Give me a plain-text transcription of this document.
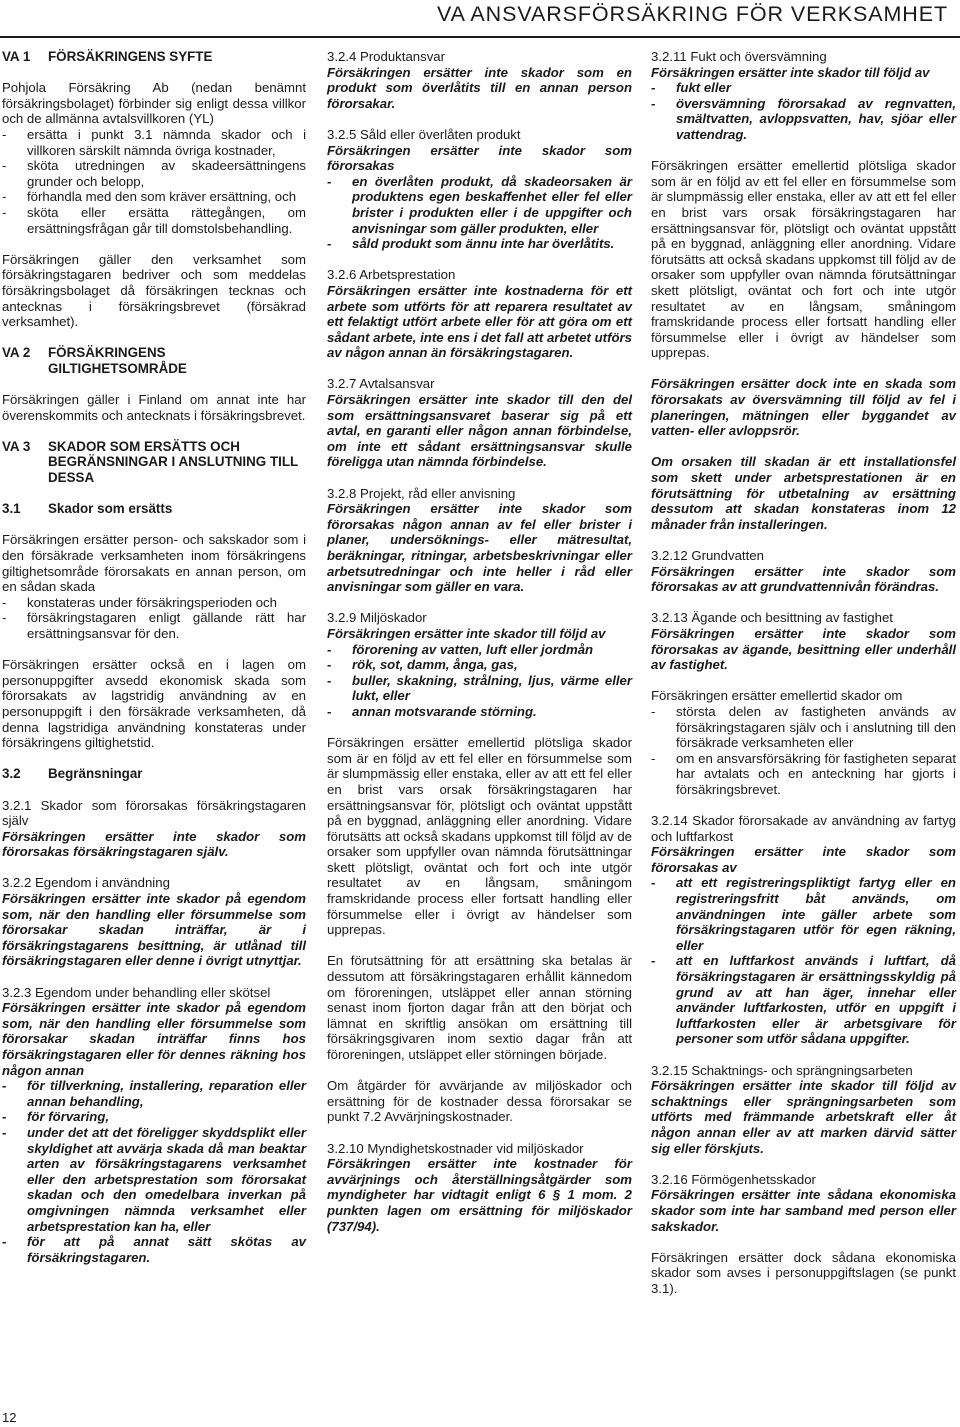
VA ANSVARSFÖRSÄKRING FÖR VERKSAMHET
VA 1	FÖRSÄKRINGENS SYFTE

Pohjola Försäkring Ab (nedan benämnt försäkringsbolaget) förbinder sig enligt dessa villkor och de allmänna avtalsvillkoren (YL)

- ersätta i punkt 3.1 nämnda skador och i villkoren särskilt nämnda övriga kostnader,
- sköta utredningen av skadeersättningens grunder och belopp,
- förhandla med den som kräver ersättning, och
- sköta eller ersätta rättegången, om ersättningsfrågan går till domstolsbehandling.

Försäkringen gäller den verksamhet som försäkringstagaren bedriver och som meddelas försäkringsbolaget då försäkringen tecknas och antecknas i försäkringsbrevet (försäkrad verksamhet).

VA 2	FÖRSÄKRINGENS GILTIGHETSOMRÅDE

Försäkringen gäller i Finland om annat inte har överenskommits och antecknats i försäkringsbrevet.

VA 3	SKADOR SOM ERSÄTTS OCH BEGRÄNSNINGAR I ANSLUTNING TILL DESSA
3.1	Skador som ersätts

Försäkringen ersätter person- och sakskador som i den försäkrade verksamheten inom försäkringens giltighetsområde förorsakats en annan person, om en sådan skada

- konstateras under försäkringsperioden och
- försäkringstagaren enligt gällande rätt har ersättningsansvar för den.

Försäkringen ersätter också en i lagen om personuppgifter avsedd ekonomisk skada som förorsakats av lagstridig användning av en personuppgift i den försäkrade verksamheten, då denna lagstridiga användning konstateras under försäkringens giltighetstid.

3.2	Begränsningar

3.2.1 Skador som förorsakas försäkringstagaren själv

Försäkringen ersätter inte skador som förorsakas försäkringstagaren själv.

3.2.2 Egendom i användning

Försäkringen ersätter inte skador på egendom som, när den handling eller försummelse som förorsakar skadan inträffar, är i försäkringstagarens besittning, är utlånad till försäkringstagaren eller denne i övrigt utnyttjar.

3.2.3 Egendom under behandling eller skötsel

Försäkringen ersätter inte skador på egendom som, när den handling eller försummelse som förorsakar skadan inträffar finns hos försäkringstagaren eller för dennes räkning hos någon annan

- för tillverkning, installering, reparation eller annan behandling,
- för förvaring,
- under det att det föreligger skyddsplikt eller skyldighet att avvärja skada då man beaktar arten av försäkringstagarens verksamhet eller den arbetsprestation som förorsakat skadan och den omedelbara inverkan på omgivningen nämnda verksamhet eller arbetsprestation kan ha, eller
- för att på annat sätt skötas av försäkringstagaren.

3.2.4 Produktansvar

Försäkringen ersätter inte skador som en produkt som överlåtits till en annan person förorsakar.

3.2.5 Såld eller överlåten produkt

Försäkringen ersätter inte skador som förorsakas

- en överlåten produkt, då skadeorsaken är produktens egen beskaffenhet eller fel eller brister i produkten eller i de uppgifter och anvisningar som gäller produkten, eller
- såld produkt som ännu inte har överlåtits.

3.2.6 Arbetsprestation

Försäkringen ersätter inte kostnaderna för ett arbete som utförts för att reparera resultatet av ett felaktigt utfört arbete eller för att göra om ett sådant arbete, inte ens i det fall att arbetet utförs av någon annan än försäkringstagaren.

3.2.7 Avtalsansvar

Försäkringen ersätter inte skador till den del som ersättningsansvaret baserar sig på ett avtal, en garanti eller någon annan förbindelse, om inte ett sådant ersättningsansvar skulle föreligga utan nämnda förbindelse.

3.2.8 Projekt, råd eller anvisning

Försäkringen ersätter inte skador som förorsakas någon annan av fel eller brister i planer, undersöknings- eller mätresultat, beräkningar, ritningar, arbetsbeskrivningar eller arbetsutredningar och inte heller i råd eller anvisningar som gäller en vara.

3.2.9 Miljöskador

Försäkringen ersätter inte skador till följd av

- förorening av vatten, luft eller jordmån
- rök, sot, damm, ånga, gas,
- buller, skakning, strålning, ljus, värme eller lukt, eller
- annan motsvarande störning.

Försäkringen ersätter emellertid plötsliga skador som är en följd av ett fel eller en försummelse som är slumpmässig eller enstaka, eller av att ett fel eller en brist vars orsak försäkringstagaren har ersättningsansvar för, plötsligt och oväntat uppstått på en byggnad, anläggning eller anordning. Vidare förutsätts att också skadans uppkomst till följd av de orsaker som uppfyller ovan nämnda förutsättningar skett plötsligt, oväntat och fort och inte utgör resultatet av en långsam, småningom framskridande process eller fortsatt handling eller försummelse eller i övrigt av händelser som upprepas.

En förutsättning för att ersättning ska betalas är dessutom att försäkringstagaren erhållit kännedom om föroreningen, utsläppet eller annan störning senast inom fjorton dagar från att den börjat och lämnat en skriftlig ansökan om ersättning till försäkringsgivaren inom sextio dagar från att föroreningen, utsläppet eller störningen började.

Om åtgärder för avvärjande av miljöskador och ersättning för de kostnader dessa förorsakar se punkt 7.2 Avvärjningskostnader.

3.2.10 Myndighetskostnader vid miljöskador

Försäkringen ersätter inte kostnader för avvärjnings och återställningsåtgärder som myndigheter har vidtagit enligt 6 § 1 mom. 2 punkten lagen om ersättning för miljöskador (737/94).

3.2.11 Fukt och översvämning

Försäkringen ersätter inte skador till följd av

- fukt eller
- översvämning förorsakad av regnvatten, smältvatten, avloppsvatten, hav, sjöar eller vattendrag.

Försäkringen ersätter emellertid plötsliga skador som är en följd av ett fel eller en försummelse som är slumpmässig eller enstaka, eller av att ett fel eller en brist vars orsak försäkringstagaren har ersättningsansvar för, plötsligt och oväntat uppstått på en byggnad, anläggning eller anordning. Vidare förutsätts att också skadans uppkomst till följd av de orsaker som uppfyller ovan nämnda förutsättningar skett plötsligt, oväntat och fort och inte utgör resultatet av en långsam, småningom framskridande process eller fortsatt handling eller försummelse eller i övrigt av händelser som upprepas.

Försäkringen ersätter dock inte en skada som förorsakats av översvämning till följd av fel i planeringen, mätningen eller byggandet av vatten- eller avloppsrör.

Om orsaken till skadan är ett installationsfel som skett under arbetsprestationen är en förutsättning för utbetalning av ersättning dessutom att skadan konstateras inom 12 månader från installeringen.

3.2.12 Grundvatten

Försäkringen ersätter inte skador som förorsakas av att grundvattennivån förändras.

3.2.13 Ägande och besittning av fastighet

Försäkringen ersätter inte skador som förorsakas av ägande, besittning eller underhåll av fastighet.

Försäkringen ersätter emellertid skador om

- största delen av fastigheten används av försäkringstagaren själv och i anslutning till den försäkrade verksamheten eller
- om en ansvarsförsäkring för fastigheten separat har avtalats och en anteckning har gjorts i försäkringsbrevet.

3.2.14 Skador förorsakade av användning av fartyg och luftfarkost

Försäkringen ersätter inte skador som förorsakas av

- att ett registreringspliktigt fartyg eller en registreringsfritt båt används, om användningen inte gäller arbete som försäkringstagaren utför för egen räkning, eller
- att en luftfarkost används i luftfart, då försäkringstagaren är ersättningsskyldig på grund av att han äger, innehar eller använder luftfarkosten, utför en uppgift i luftfarkosten eller är arbetsgivare för personer som utför sådana uppgifter.

3.2.15 Schaktnings- och sprängningsarbeten

Försäkringen ersätter inte skador till följd av schaktnings eller sprängningsarbeten som utförts med främmande arbetskraft eller åt någon annan eller av att marken därvid sätter sig eller förskjuts.

3.2.16 Förmögenhetsskador

Försäkringen ersätter inte sådana ekonomiska skador som inte har samband med person eller sakskador.

Försäkringen ersätter dock sådana ekonomiska skador som avses i personuppgiftslagen (se punkt 3.1).

12
